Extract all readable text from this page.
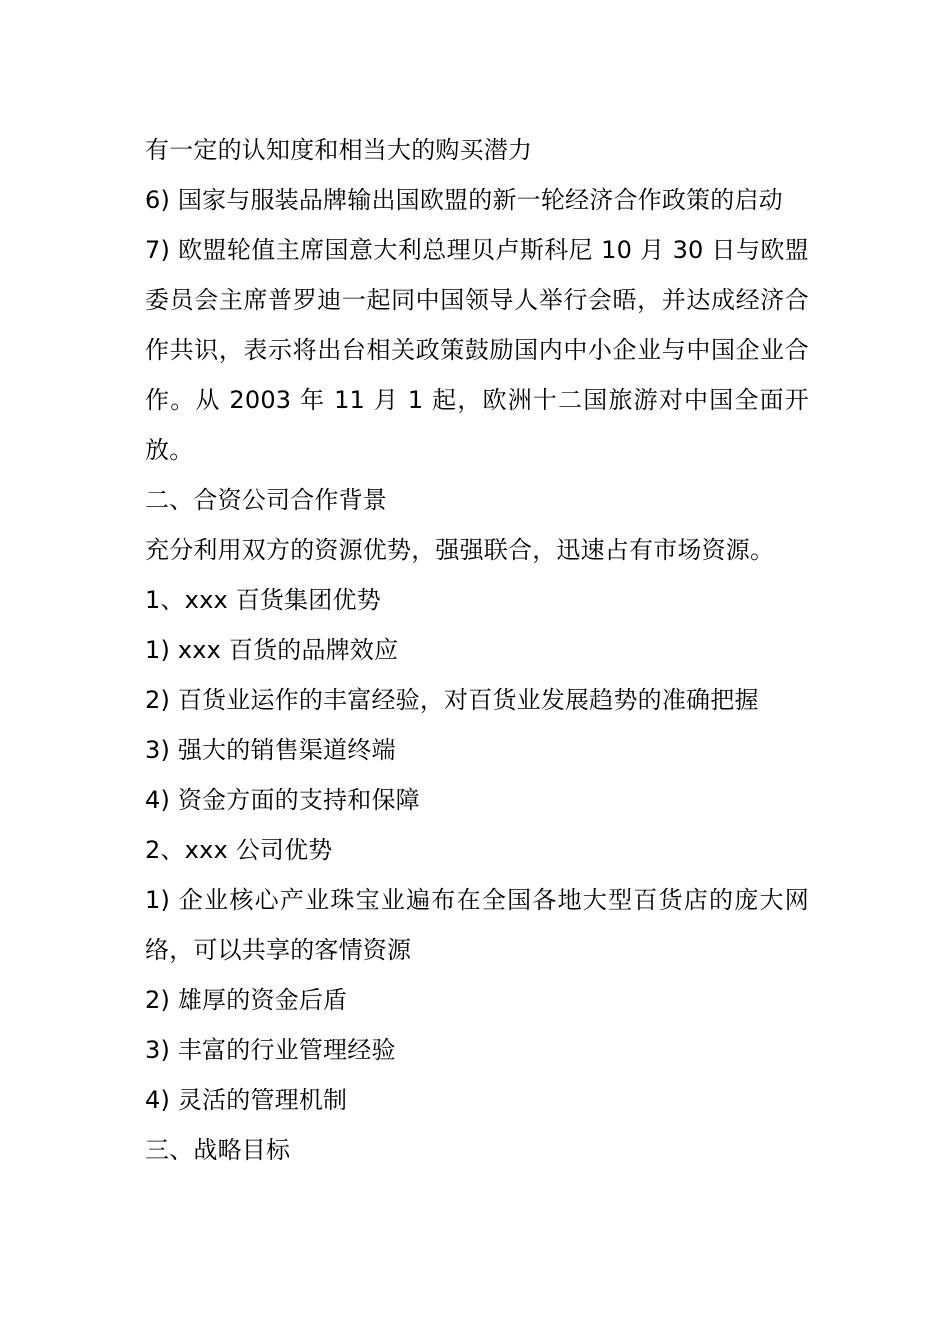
有一定的认知度和相当大的购买潜力

6) 国家与服装品牌输出国欧盟的新一轮经济合作政策的启动

7) 欧盟轮值主席国意大利总理贝卢斯科尼 10 月 30 日与欧盟委员会主席普罗迪一起同中国领导人举行会晤，并达成经济合作共识，表示将出台相关政策鼓励国内中小企业与中国企业合作。从 2003 年 11 月 1 起，欧洲十二国旅游对中国全面开放。

二、合资公司合作背景

充分利用双方的资源优势，强强联合，迅速占有市场资源。

1、xxx 百货集团优势

1) xxx 百货的品牌效应

2) 百货业运作的丰富经验，对百货业发展趋势的准确把握

3) 强大的销售渠道终端

4) 资金方面的支持和保障

2、xxx 公司优势

1) 企业核心产业珠宝业遍布在全国各地大型百货店的庞大网络，可以共享的客情资源

2) 雄厚的资金后盾

3) 丰富的行业管理经验

4) 灵活的管理机制

三、战略目标
